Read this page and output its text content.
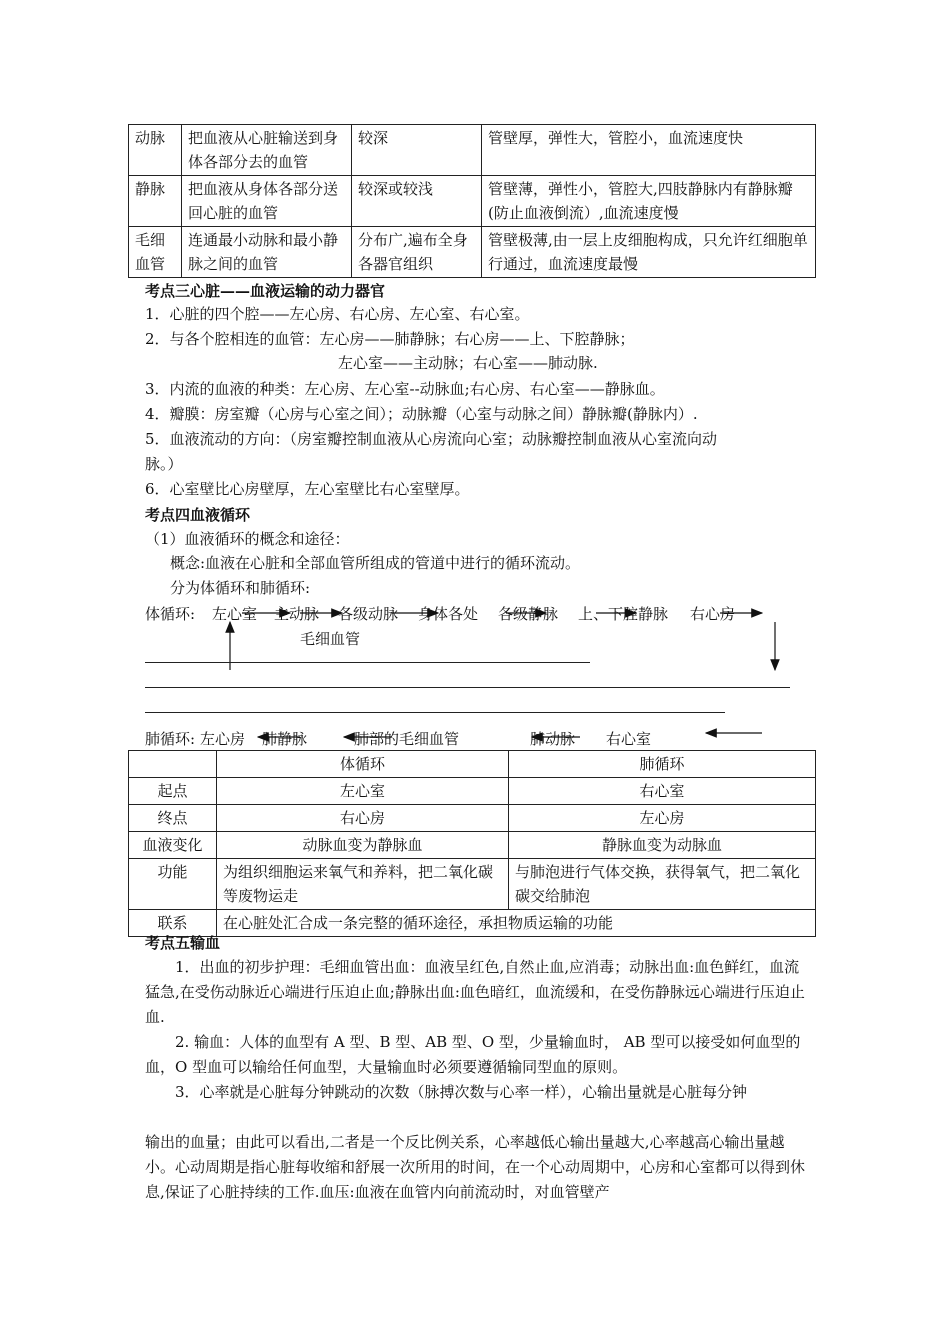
动脉	把血液从心脏输送到身体各部分去的血管	较深	管壁厚，弹性大，管腔小，血流速度快
静脉	把血液从身体各部分送回心脏的血管	较深或较浅	管壁薄，弹性小，管腔大,四肢静脉内有静脉瓣(防止血液倒流）,血流速度慢
毛细血管	连通最小动脉和最小静脉之间的血管	分布广,遍布全身各器官组织	管壁极薄,由一层上皮细胞构成，只允许红细胞单行通过，血流速度最慢
考点三心脏——血液运输的动力器官
1．心脏的四个腔——左心房、右心房、左心室、右心室。
2．与各个腔相连的血管：左心房——肺静脉；右心房——上、下腔静脉；
左心室——主动脉；右心室——肺动脉.
3．内流的血液的种类：左心房、左心室--动脉血;右心房、右心室——静脉血。
4．瓣膜：房室瓣（心房与心室之间）；动脉瓣（心室与动脉之间）静脉瓣(静脉内）.
5．血液流动的方向：（房室瓣控制血液从心房流向心室；动脉瓣控制血液从心室流向动
脉。）
6．心室壁比心房壁厚，左心室壁比右心室壁厚。
考点四血液循环
（1）血液循环的概念和途径：
概念:血液在心脏和全部血管所组成的管道中进行的循环流动。
分为体循环和肺循环:
体循环: 左心室 主动脉 各级动脉 身体各处 各级静脉 上、下腔静脉 右心房
毛细血管
肺循环: 左心房 肺静脉	肺部的毛细血管	肺动脉 右心室
	体循环	肺循环
起点	左心室	右心室
终点	右心房	左心房
血液变化	动脉血变为静脉血	静脉血变为动脉血
功能	为组织细胞运来氧气和养料，把二氧化碳等废物运走	与肺泡进行气体交换，获得氧气，把二氧化碳交给肺泡
联系	在心脏处汇合成一条完整的循环途径，承担物质运输的功能	
考点五输血
1．出血的初步护理：毛细血管出血：血液呈红色,自然止血,应消毒；动脉出血:血色鲜红，血流猛急,在受伤动脉近心端进行压迫止血;静脉出血:血色暗红，血流缓和，在受伤静脉远心端进行压迫止血.
2. 输血：人体的血型有 A 型、B 型、AB 型、O 型，少量输血时， AB 型可以接受如何血型的血，O 型血可以输给任何血型，大量输血时必须要遵循输同型血的原则。
3．心率就是心脏每分钟跳动的次数（脉搏次数与心率一样），心输出量就是心脏每分钟
输出的血量；由此可以看出,二者是一个反比例关系，心率越低心输出量越大,心率越高心输出量越小。心动周期是指心脏每收缩和舒展一次所用的时间，在一个心动周期中，心房和心室都可以得到休息,保证了心脏持续的工作.血压:血液在血管内向前流动时，对血管壁产
